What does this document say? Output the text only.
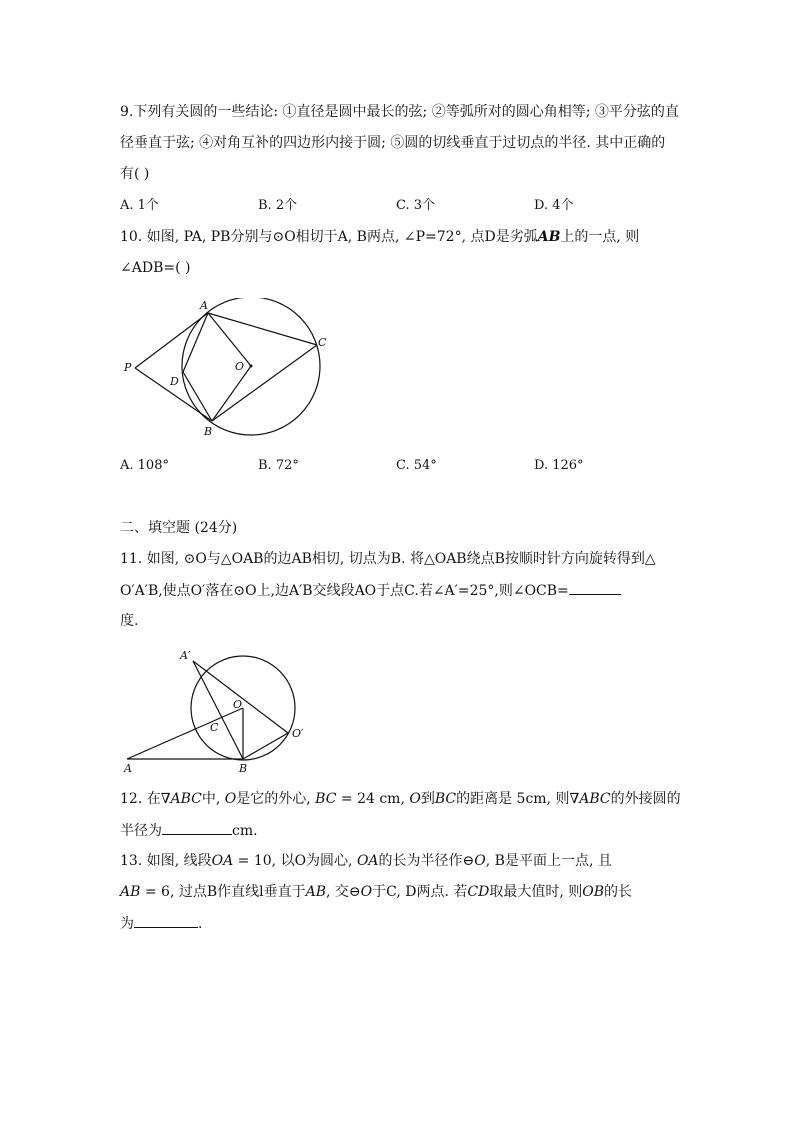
9.下列有关圆的一些结论: ①直径是圆中最长的弦; ②等弧所对的圆心角相等; ③平分弦的直
径垂直于弦; ④对角互补的四边形内接于圆; ⑤圆的切线垂直于过切点的半径. 其中正确的
有( )
A. 1个	B. 2个	C. 3个	D. 4个
10. 如图, PA, PB分别与⊙O相切于A, B两点, ∠P=72°, 点D是劣弧AB上的一点, 则
∠ADB=( )
A
C
P	O
D
B
A. 108°	B. 72°	C. 54°	D. 126°
二、填空题 (24分)
11. 如图, ⊙O与△OAB的边AB相切, 切点为B. 将△OAB绕点B按顺时针方向旋转得到△
O′A′B,使点O′落在⊙O上,边A′B交线段AO于点C.若∠A′=25°,则∠OCB=
度.
A′
O
C	O′
A	B
12. 在∇ABC中, O是它的外心, BC = 24 cm, O到BC的距离是 5cm, 则∇ABC的外接圆的
半径为	cm.
13. 如图, 线段OA = 10, 以O为圆心, OA的长为半径作⊖O, B是平面上一点, 且
AB = 6, 过点B作直线l垂直于AB, 交⊖O于C, D两点. 若CD取最大值时, 则OB的长
为	.
